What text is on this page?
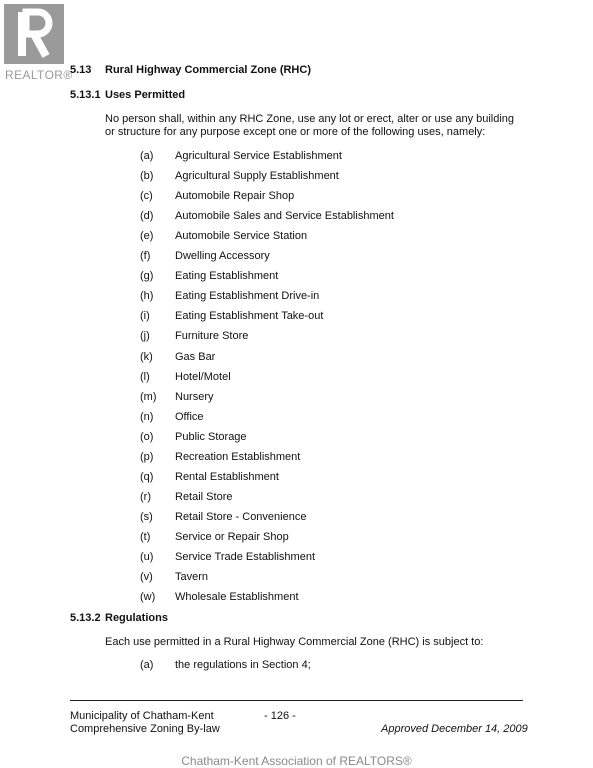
REALTOR®
5.13 Rural Highway Commercial Zone (RHC)
5.13.1 Uses Permitted
No person shall, within any RHC Zone, use any lot or erect, alter or use any building or structure for any purpose except one or more of the following uses, namely:
(a) Agricultural Service Establishment
(b) Agricultural Supply Establishment
(c) Automobile Repair Shop
(d) Automobile Sales and Service Establishment
(e) Automobile Service Station
(f) Dwelling Accessory
(g) Eating Establishment
(h) Eating Establishment Drive-in
(i) Eating Establishment Take-out
(j) Furniture Store
(k) Gas Bar
(l) Hotel/Motel
(m) Nursery
(n) Office
(o) Public Storage
(p) Recreation Establishment
(q) Rental Establishment
(r) Retail Store
(s) Retail Store - Convenience
(t) Service or Repair Shop
(u) Service Trade Establishment
(v) Tavern
(w) Wholesale Establishment
5.13.2 Regulations
Each use permitted in a Rural Highway Commercial Zone (RHC) is subject to:
(a) the regulations in Section 4;
Municipality of Chatham-Kent
Comprehensive Zoning By-law
- 126 -
Approved December 14, 2009
Chatham-Kent Association of REALTORS®
